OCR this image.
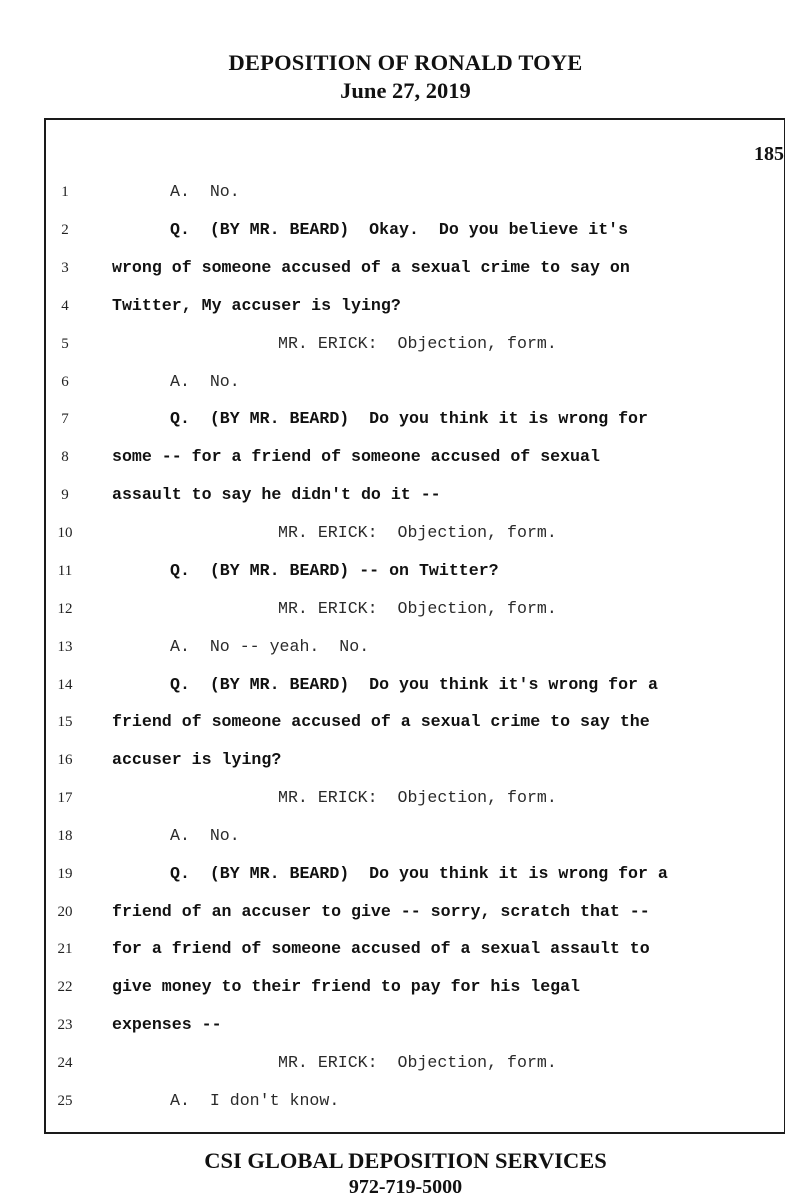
DEPOSITION OF RONALD TOYE
June 27, 2019
185
1	A.  No.
2	Q.  (BY MR. BEARD)  Okay.  Do you believe it's
3	wrong of someone accused of a sexual crime to say on
4	Twitter, My accuser is lying?
5	MR. ERICK:  Objection, form.
6	A.  No.
7	Q.  (BY MR. BEARD)  Do you think it is wrong for
8	some -- for a friend of someone accused of sexual
9	assault to say he didn't do it --
10	MR. ERICK:  Objection, form.
11	Q.  (BY MR. BEARD) -- on Twitter?
12	MR. ERICK:  Objection, form.
13	A.  No -- yeah.  No.
14	Q.  (BY MR. BEARD)  Do you think it's wrong for a
15	friend of someone accused of a sexual crime to say the
16	accuser is lying?
17	MR. ERICK:  Objection, form.
18	A.  No.
19	Q.  (BY MR. BEARD)  Do you think it is wrong for a
20	friend of an accuser to give -- sorry, scratch that --
21	for a friend of someone accused of a sexual assault to
22	give money to their friend to pay for his legal
23	expenses --
24	MR. ERICK:  Objection, form.
25	A.  I don't know.
CSI GLOBAL DEPOSITION SERVICES
972-719-5000
